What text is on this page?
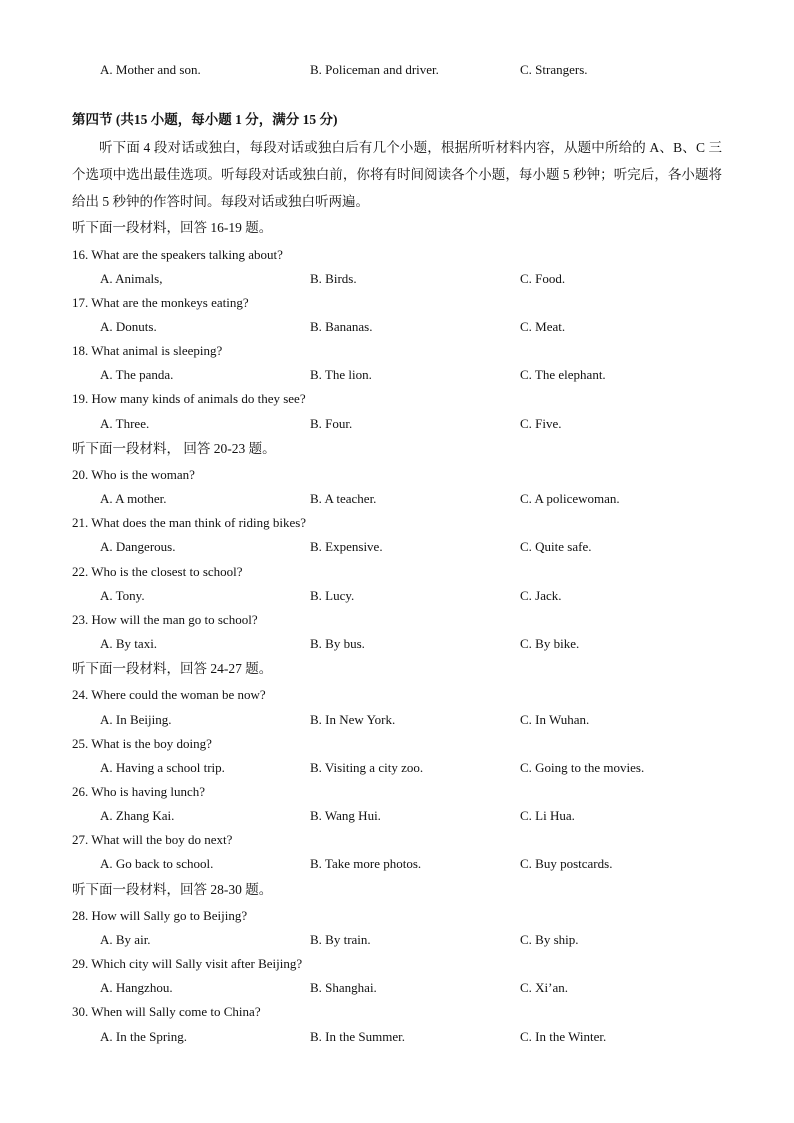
A. Mother and son.	B. Policeman and driver.	C. Strangers.
第四节 (共15 小题，每小题 1 分，满分 15 分)
听下面 4 段对话或独白，每段对话或独白后有几个小题，根据所听材料内容，从题中所给的 A、B、C 三个选项中选出最佳选项。听每段对话或独白前，你将有时间阅读各个小题，每小题 5 秒钟；听完后，各小题将给出 5 秒钟的作答时间。每段对话或独白听两遍。
听下面一段材料，回答 16-19 题。
16. What are the speakers talking about?
A. Animals,	B. Birds.	C. Food.
17. What are the monkeys eating?
A. Donuts.	B. Bananas.	C. Meat.
18. What animal is sleeping?
A. The panda.	B. The lion.	C. The elephant.
19. How many kinds of animals do they see?
A. Three.	B. Four.	C. Five.
听下面一段材料， 回答 20-23 题。
20. Who is the woman?
A. A mother.	B. A teacher.	C. A policewoman.
21. What does the man think of riding bikes?
A. Dangerous.	B. Expensive.	C. Quite safe.
22. Who is the closest to school?
A. Tony.	B. Lucy.	C. Jack.
23. How will the man go to school?
A. By taxi.	B. By bus.	C. By bike.
听下面一段材料，回答 24-27 题。
24. Where could the woman be now?
A. In Beijing.	B. In New York.	C. In Wuhan.
25. What is the boy doing?
A. Having a school trip.	B. Visiting a city zoo.	C. Going to the movies.
26. Who is having lunch?
A. Zhang Kai.	B. Wang Hui.	C. Li Hua.
27. What will the boy do next?
A. Go back to school.	B. Take more photos.	C. Buy postcards.
听下面一段材料，回答 28-30 题。
28. How will Sally go to Beijing?
A. By air.	B. By train.	C. By ship.
29. Which city will Sally visit after Beijing?
A. Hangzhou.	B. Shanghai.	C. Xi’an.
30. When will Sally come to China?
A. In the Spring.	B. In the Summer.	C. In the Winter.
